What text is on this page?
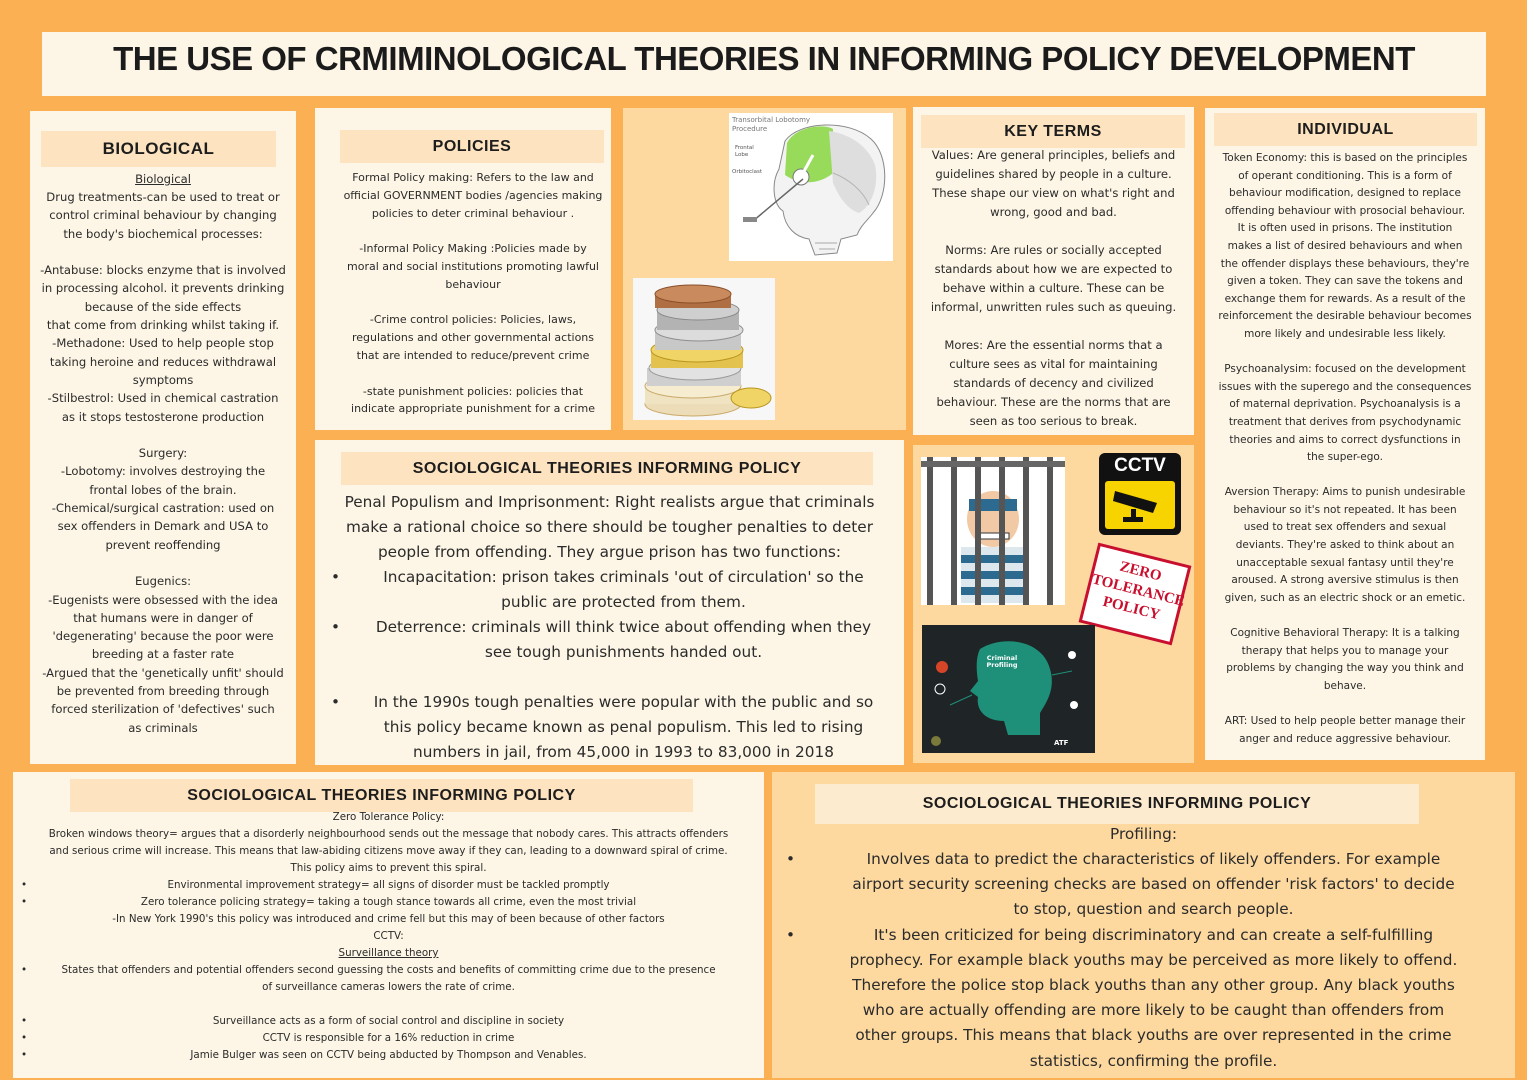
THE USE OF CRMIMINOLOGICAL THEORIES IN INFORMING POLICY DEVELOPMENT
BIOLOGICAL
Biological
Drug treatments-can be used to treat or
control criminal behaviour by changing
the body's biochemical processes:

-Antabuse: blocks enzyme that is involved
in processing alcohol. it prevents drinking
because of the side effects
that come from drinking whilst taking if.
-Methadone: Used to help people stop
taking heroine and reduces withdrawal
symptoms
-Stilbestrol: Used in chemical castration
as it stops testosterone production

Surgery:
-Lobotomy: involves destroying the
frontal lobes of the brain.
-Chemical/surgical castration: used on
sex offenders in Demark and USA to
prevent reoffending

Eugenics:
-Eugenists were obsessed with the idea
that humans were in danger of
'degenerating' because the poor were
breeding at a faster rate
-Argued that the 'genetically unfit' should
be prevented from breeding through
forced sterilization of 'defectives' such
as criminals
POLICIES
Formal Policy making: Refers to the law and
official GOVERNMENT bodies /agencies making
policies to deter criminal behaviour .

-Informal Policy Making :Policies made by
moral and social institutions promoting lawful
behaviour

-Crime control policies: Policies, laws,
regulations and other governmental actions
that are intended to reduce/prevent crime

-state punishment policies: policies that
indicate appropriate punishment for a crime
Transorbital Lobotomy
Procedure
Frontal
Lobe
Orbitoclast
KEY TERMS
Values: Are general principles, beliefs and
guidelines shared by people in a culture.
These shape our view on what's right and
wrong, good and bad.

Norms: Are rules or socially accepted
standards about how we are expected to
behave within a culture. These can be
informal, unwritten rules such as queuing.

Mores: Are the essential norms that a
culture sees as vital for maintaining
standards of decency and civilized
behaviour. These are the norms that are
seen as too serious to break.
INDIVIDUAL
Token Economy: this is based on the principles
of operant conditioning. This is a form of
behaviour modification, designed to replace
offending behaviour with prosocial behaviour.
It is often used in prisons. The institution
makes a list of desired behaviours and when
the offender displays these behaviours, they're
given a token. They can save the tokens and
exchange them for rewards. As a result of the
reinforcement the desirable behaviour becomes
more likely and undesirable less likely.

Psychoanalysim: focused on the development
issues with the superego and the consequences
of maternal deprivation. Psychoanalysis is a
treatment that derives from psychodynamic
theories and aims to correct dysfunctions in
the super-ego.

Aversion Therapy: Aims to punish undesirable
behaviour so it's not repeated. It has been
used to treat sex offenders and sexual
deviants. They're asked to think about an
unacceptable sexual fantasy until they're
aroused. A strong aversive stimulus is then
given, such as an electric shock or an emetic.

Cognitive Behavioral Therapy: It is a talking
therapy that helps you to manage your
problems by changing the way you think and
behave.

ART: Used to help people better manage their
anger and reduce aggressive behaviour.
SOCIOLOGICAL THEORIES INFORMING POLICY
Penal Populism and Imprisonment: Right realists argue that criminals
make a rational choice so there should be tougher penalties to deter
people from offending. They argue prison has two functions:
• Incapacitation: prison takes criminals 'out of circulation' so the
public are protected from them.
• Deterrence: criminals will think twice about offending when they
see tough punishments handed out.
• In the 1990s tough penalties were popular with the public and so
this policy became known as penal populism. This led to rising
numbers in jail, from 45,000 in 1993 to 83,000 in 2018
CCTV
ZERO
TOLERANCE
POLICY
Criminal
Profiling
ATF
SOCIOLOGICAL THEORIES INFORMING POLICY
Zero Tolerance Policy:
Broken windows theory= argues that a disorderly neighbourhood sends out the message that nobody cares. This attracts offenders
and serious crime will increase. This means that law-abiding citizens move away if they can, leading to a downward spiral of crime.
This policy aims to prevent this spiral.
• Environmental improvement strategy= all signs of disorder must be tackled promptly
• Zero tolerance policing strategy= taking a tough stance towards all crime, even the most trivial
-In New York 1990's this policy was introduced and crime fell but this may of been because of other factors
CCTV:
Surveillance theory
• States that offenders and potential offenders second guessing the costs and benefits of committing crime due to the presence
of surveillance cameras lowers the rate of crime.
• Surveillance acts as a form of social control and discipline in society
• CCTV is responsible for a 16% reduction in crime
• Jamie Bulger was seen on CCTV being abducted by Thompson and Venables.
SOCIOLOGICAL THEORIES INFORMING POLICY
Profiling:
• Involves data to predict the characteristics of likely offenders. For example
airport security screening checks are based on offender 'risk factors' to decide
to stop, question and search people.
• It's been criticized for being discriminatory and can create a self-fulfilling
prophecy. For example black youths may be perceived as more likely to offend.
Therefore the police stop black youths than any other group. Any black youths
who are actually offending are more likely to be caught than offenders from
other groups. This means that black youths are over represented in the crime
statistics, confirming the profile.
